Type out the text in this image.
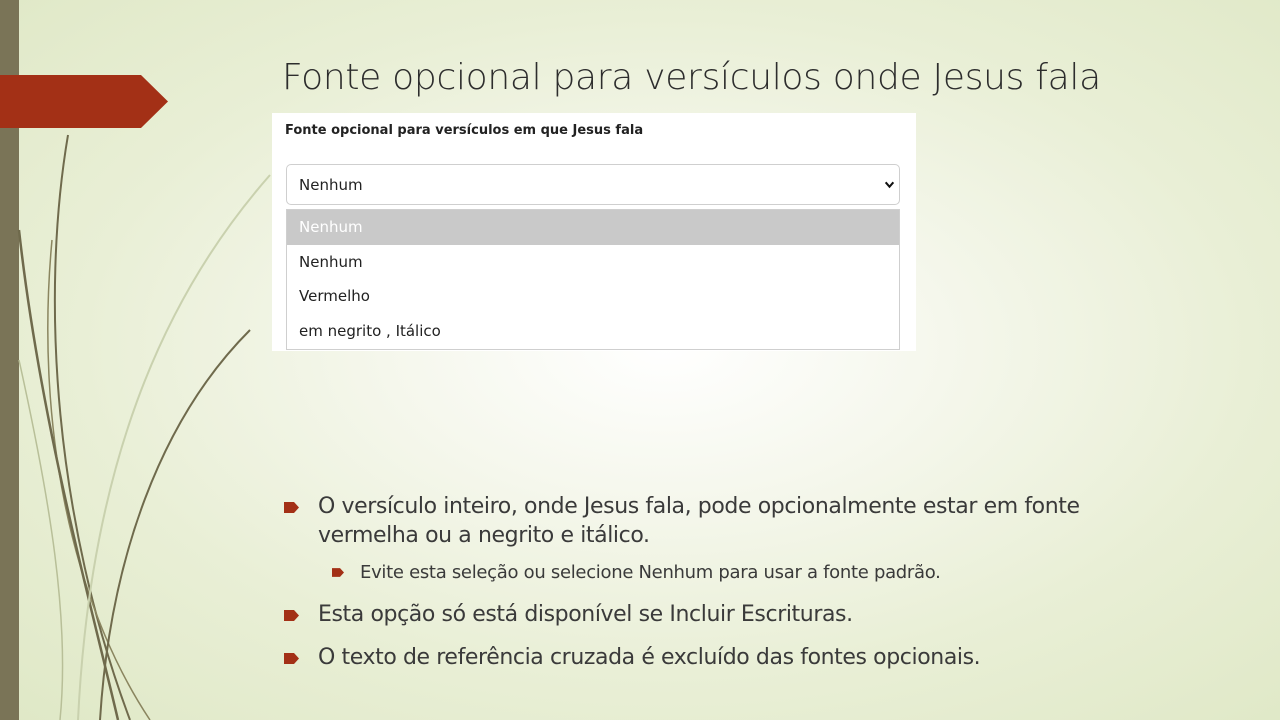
Fonte opcional para versículos onde Jesus fala
Fonte opcional para versículos em que Jesus fala
Nenhum
Nenhum
Nenhum
Vermelho
em negrito , Itálico
O versículo inteiro, onde Jesus fala, pode opcionalmente estar em fonte vermelha ou a negrito e itálico.
Evite esta seleção ou selecione Nenhum para usar a fonte padrão.
Esta opção só está disponível se Incluir Escrituras.
O texto de referência cruzada é excluído das fontes opcionais.
